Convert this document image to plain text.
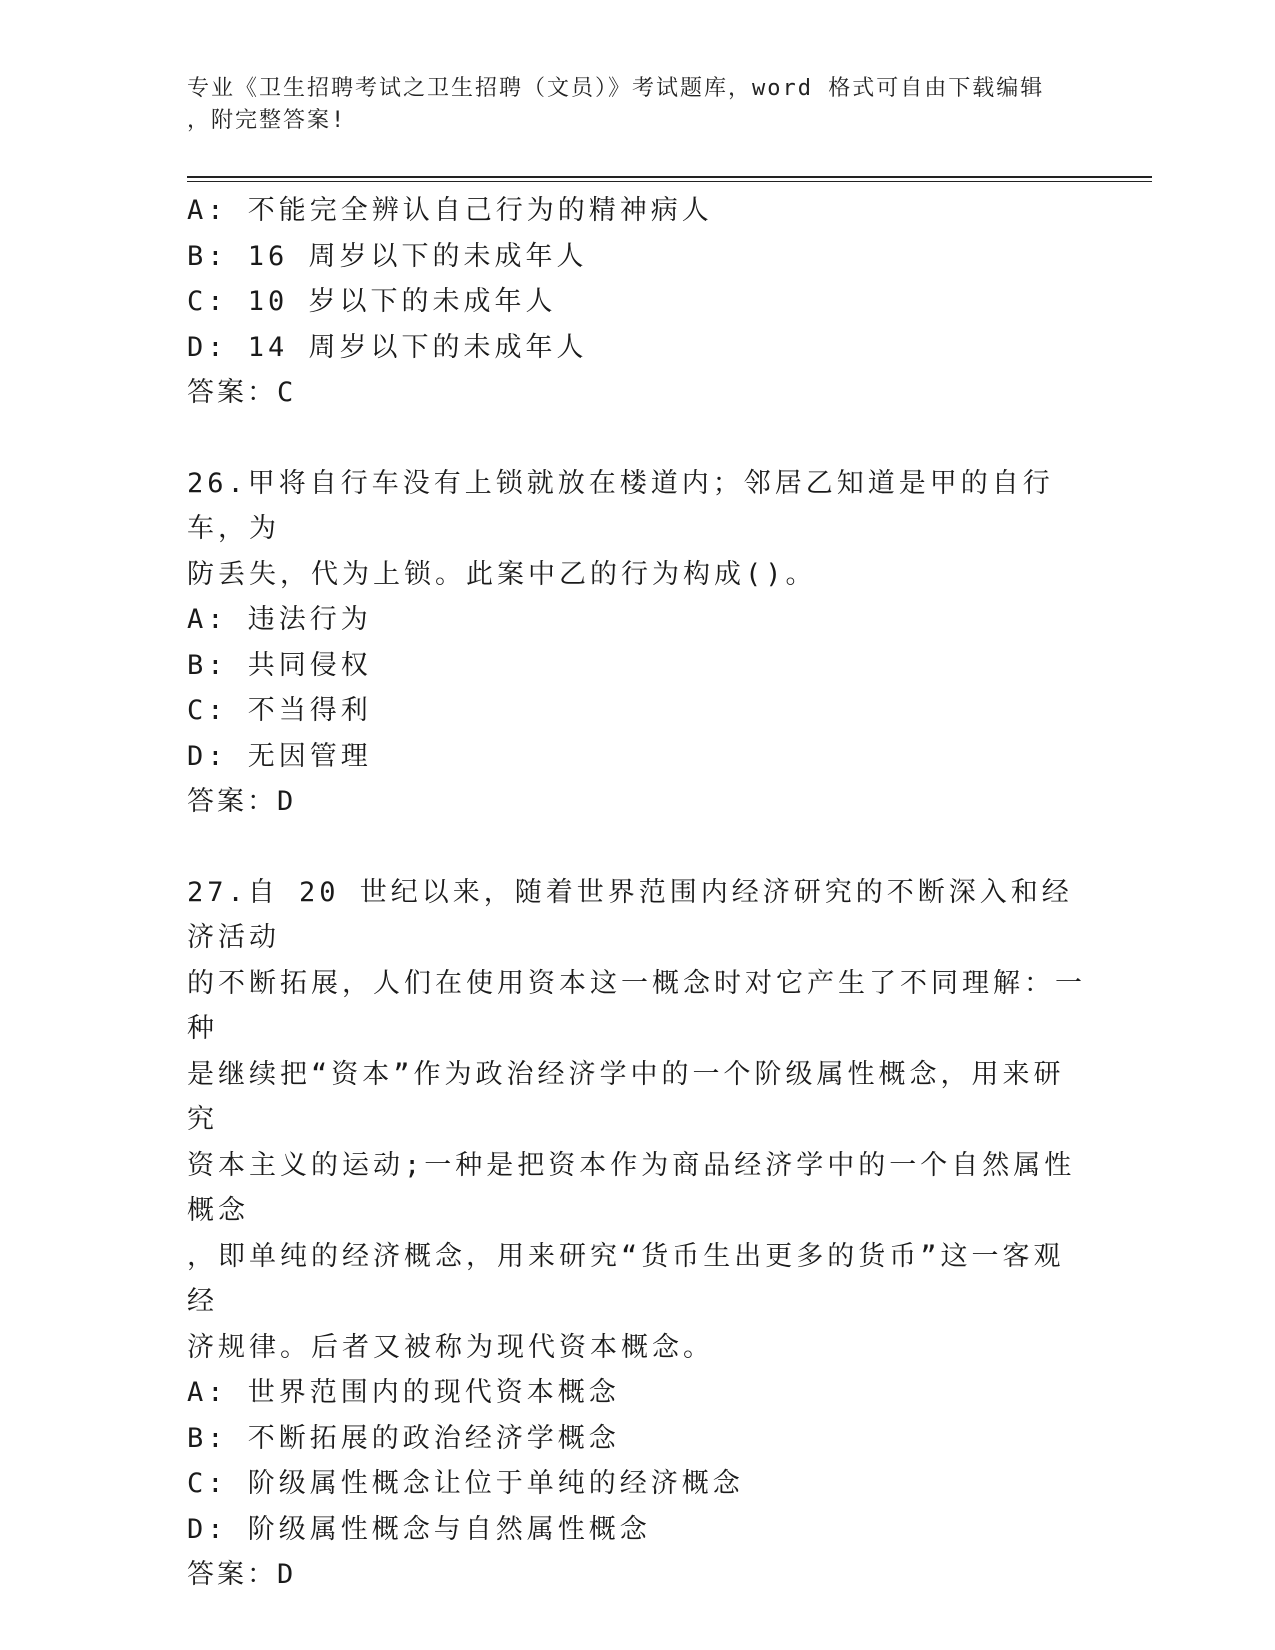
专业《卫生招聘考试之卫生招聘（文员）》考试题库，word 格式可自由下载编辑
，附完整答案!
A: 不能完全辨认自己行为的精神病人
B: 16 周岁以下的未成年人
C: 10 岁以下的未成年人
D: 14 周岁以下的未成年人
答案：C
26.甲将自行车没有上锁就放在楼道内；邻居乙知道是甲的自行车，为
防丢失，代为上锁。此案中乙的行为构成()。
A: 违法行为
B: 共同侵权
C: 不当得利
D: 无因管理
答案：D
27.自 20 世纪以来，随着世界范围内经济研究的不断深入和经济活动
的不断拓展，人们在使用资本这一概念时对它产生了不同理解：一种
是继续把“资本”作为政治经济学中的一个阶级属性概念，用来研究
资本主义的运动;一种是把资本作为商品经济学中的一个自然属性概念
，即单纯的经济概念，用来研究“货币生出更多的货币”这一客观经
济规律。后者又被称为现代资本概念。
A: 世界范围内的现代资本概念
B: 不断拓展的政治经济学概念
C: 阶级属性概念让位于单纯的经济概念
D: 阶级属性概念与自然属性概念
答案：D
